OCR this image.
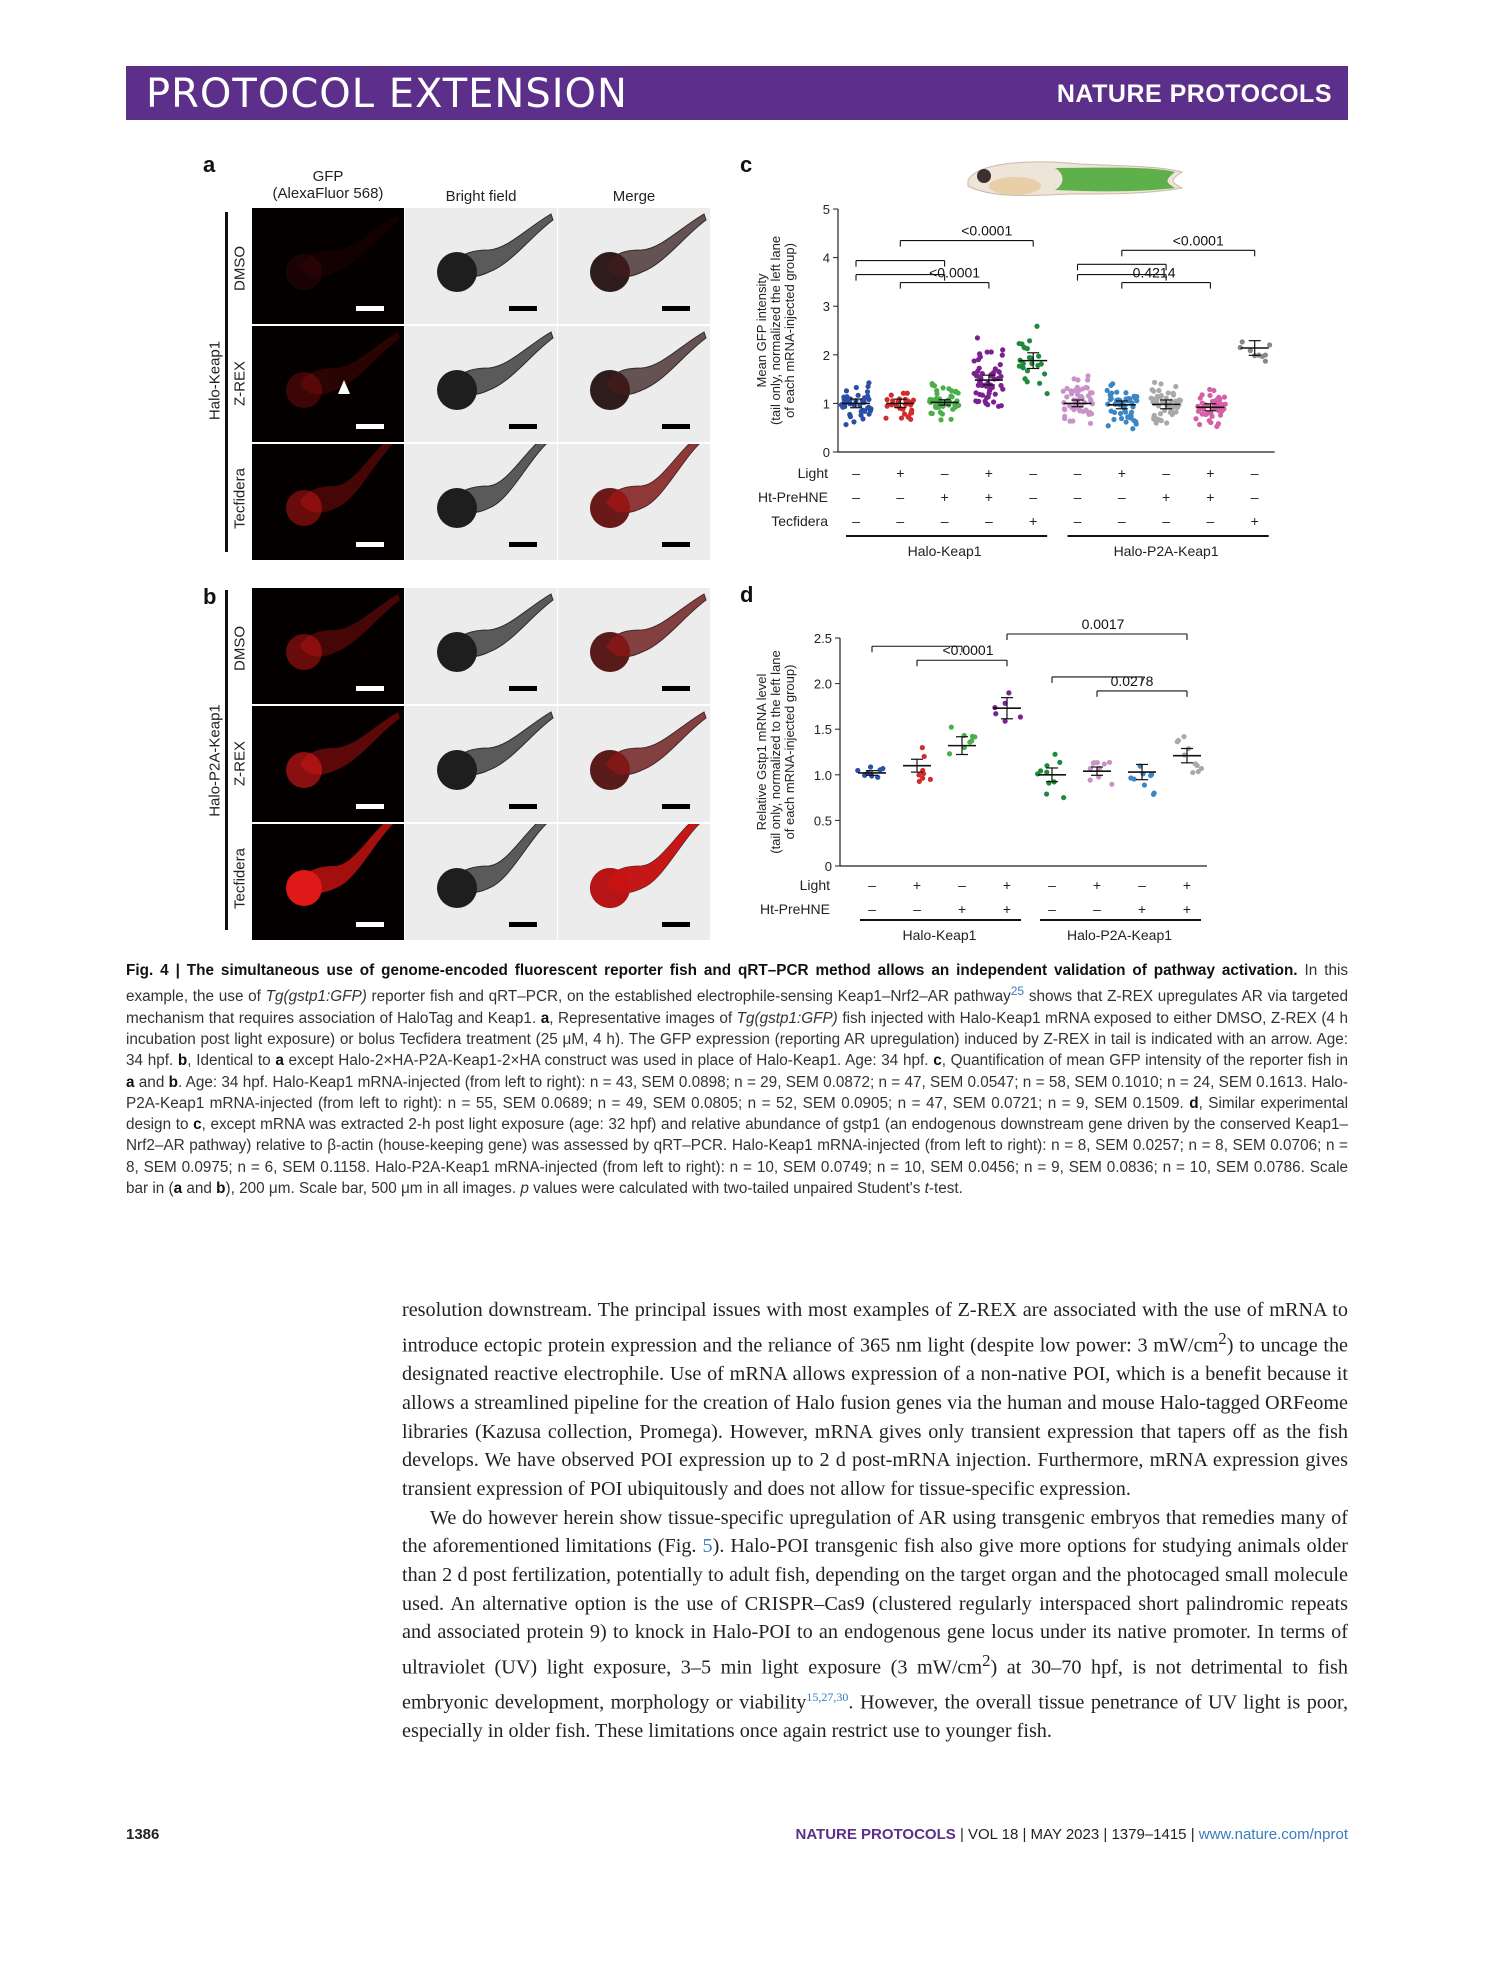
PROTOCOL EXTENSION	NATURE PROTOCOLS
a
b
c
d
GFP
(AlexaFluor 568)	Bright field	Merge
Halo-Keap1
Halo-P2A-Keap1
DMSO
Z-REX
Tecfidera
DMSO
Z-REX
Tecfidera
0
1
2
3
4
5
Mean GFP intensity(tail only, normalized the left laneof each mRNA-injected group)
<0.0001
<0.0001
<0.0001
0.4214
Light –	+	–	+	–	–	+	–	+	–
Ht-PreHNE –	–	+	+	–	–	–	+	+	–
Tecfidera –	–	–	–	+	–	–	–	–	+
Halo-Keap1	Halo-P2A-Keap1
0
0.5
1.0
1.5
2.0
2.5
Relative Gstp1 mRNA level(tail only, normalized to the left laneof each mRNA-injected group)
<0.0001
0.0017
0.0278
Light	–	+	–	+	–	+	–	+
Ht-PreHNE	–	–	+	+	–	–	+	+
Halo-Keap1	Halo-P2A-Keap1
Fig. 4 | The simultaneous use of genome-encoded fluorescent reporter fish and qRT–PCR method allows an independent validation of pathway activation. In this example, the use of Tg(gstp1:GFP) reporter fish and qRT–PCR, on the established electrophile-sensing Keap1–Nrf2–AR pathway$^{25}$ shows that Z-REX upregulates AR via targeted mechanism that requires association of HaloTag and Keap1. a, Representative images of Tg(gstp1:GFP) fish injected with Halo-Keap1 mRNA exposed to either DMSO, Z-REX (4 h incubation post light exposure) or bolus Tecfidera treatment (25 μM, 4 h). The GFP expression (reporting AR upregulation) induced by Z-REX in tail is indicated with an arrow. Age: 34 hpf. b, Identical to a except Halo-2×HA-P2A-Keap1-2×HA construct was used in place of Halo-Keap1. Age: 34 hpf. c, Quantification of mean GFP intensity of the reporter fish in a and b. Age: 34 hpf. Halo-Keap1 mRNA-injected (from left to right): n = 43, SEM 0.0898; n = 29, SEM 0.0872; n = 47, SEM 0.0547; n = 58, SEM 0.1010; n = 24, SEM 0.1613. Halo-P2A-Keap1 mRNA-injected (from left to right): n = 55, SEM 0.0689; n = 49, SEM 0.0805; n = 52, SEM 0.0905; n = 47, SEM 0.0721; n = 9, SEM 0.1509. d, Similar experimental design to c, except mRNA was extracted 2-h post light exposure (age: 32 hpf) and relative abundance of gstp1 (an endogenous downstream gene driven by the conserved Keap1–Nrf2–AR pathway) relative to β-actin (house-keeping gene) was assessed by qRT–PCR. Halo-Keap1 mRNA-injected (from left to right): n = 8, SEM 0.0257; n = 8, SEM 0.0706; n = 8, SEM 0.0975; n = 6, SEM 0.1158. Halo-P2A-Keap1 mRNA-injected (from left to right): n = 10, SEM 0.0749; n = 10, SEM 0.0456; n = 9, SEM 0.0836; n = 10, SEM 0.0786. Scale bar in (a and b), 200 μm. Scale bar, 500 μm in all images. p values were calculated with two-tailed unpaired Student's t-test.

resolution downstream. The principal issues with most examples of Z-REX are associated with the use of mRNA to introduce ectopic protein expression and the reliance of 365 nm light (despite low power: 3 $mW/cm^2$) to uncage the designated reactive electrophile. Use of mRNA allows expression of a non-native POI, which is a benefit because it allows a streamlined pipeline for the creation of Halo fusion genes via the human and mouse Halo-tagged ORFeome libraries (Kazusa collection, Promega). However, mRNA gives only transient expression that tapers off as the fish develops. We have observed POI expression up to 2 d post-mRNA injection. Furthermore, mRNA expression gives transient expression of POI ubiquitously and does not allow for tissue-specific expression.

We do however herein show tissue-specific upregulation of AR using transgenic embryos that remedies many of the aforementioned limitations (Fig. 5). Halo-POI transgenic fish also give more options for studying animals older than 2 d post fertilization, potentially to adult fish, depending on the target organ and the photocaged small molecule used. An alternative option is the use of CRISPR–Cas9 (clustered regularly interspaced short palindromic repeats and associated protein 9) to knock in Halo-POI to an endogenous gene locus under its native promoter. In terms of ultraviolet (UV) light exposure, 3–5 min light exposure (3 $mW/cm^2$) at 30–70 hpf, is not detrimental to fish embryonic development, morphology or viability$^{15,27,30}$. However, the overall tissue penetrance of UV light is poor, especially in older fish. These limitations once again restrict use to younger fish.

1386	NATURE PROTOCOLS | VOL 18 | MAY 2023 | 1379–1415 | www.nature.com/nprot
